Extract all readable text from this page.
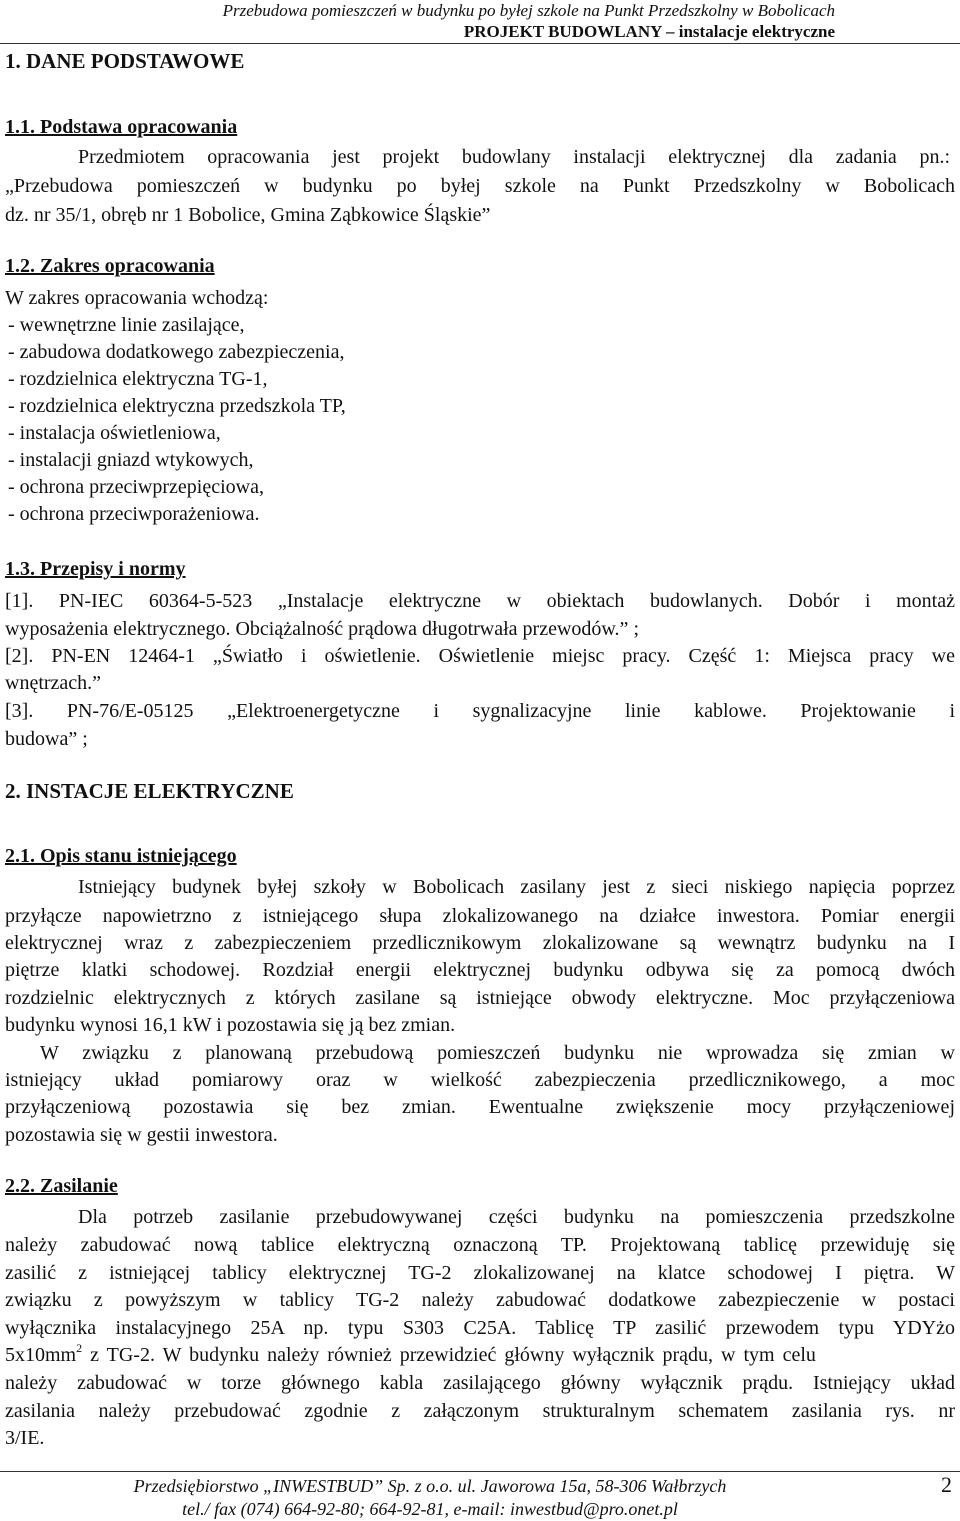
Przebudowa pomieszczeń w budynku po byłej szkole na Punkt Przedszkolny w Bobolicach
PROJEKT BUDOWLANY – instalacje elektryczne
1. DANE PODSTAWOWE
1.1. Podstawa opracowania
Przedmiotem opracowania jest projekt budowlany instalacji elektrycznej dla zadania pn.:
„Przebudowa pomieszczeń w budynku po byłej szkole na Punkt Przedszkolny w Bobolicach
dz. nr 35/1, obręb nr 1 Bobolice, Gmina Ząbkowice Śląskie”
1.2. Zakres opracowania
W zakres opracowania wchodzą:
- wewnętrzne linie zasilające,
- zabudowa dodatkowego zabezpieczenia,
- rozdzielnica elektryczna TG-1,
- rozdzielnica elektryczna przedszkola TP,
- instalacja oświetleniowa,
- instalacji gniazd wtykowych,
- ochrona przeciwprzepięciowa,
- ochrona przeciwporażeniowa.
1.3. Przepisy i normy
[1]. PN-IEC 60364-5-523 „Instalacje elektryczne w obiektach budowlanych. Dobór i montaż
wyposażenia elektrycznego. Obciążalność prądowa długotrwała przewodów.” ;
[2]. PN-EN 12464-1 „Światło i oświetlenie. Oświetlenie miejsc pracy. Część 1: Miejsca pracy we
wnętrzach.”
[3]. PN-76/E-05125 „Elektroenergetyczne i sygnalizacyjne linie kablowe. Projektowanie i
budowa” ;
2. INSTACJE ELEKTRYCZNE
2.1. Opis stanu istniejącego
Istniejący budynek byłej szkoły w Bobolicach zasilany jest z sieci niskiego napięcia poprzez
przyłącze napowietrzno z istniejącego słupa zlokalizowanego na działce inwestora. Pomiar energii
elektrycznej wraz z zabezpieczeniem przedlicznikowym zlokalizowane są wewnątrz budynku na I
piętrze klatki schodowej. Rozdział energii elektrycznej budynku odbywa się za pomocą dwóch
rozdzielnic elektrycznych z których zasilane są istniejące obwody elektryczne. Moc przyłączeniowa
budynku wynosi 16,1 kW i pozostawia się ją bez zmian.
W związku z planowaną przebudową pomieszczeń budynku nie wprowadza się zmian w
istniejący układ pomiarowy oraz w wielkość zabezpieczenia przedlicznikowego, a moc
przyłączeniową pozostawia się bez zmian. Ewentualne zwiększenie mocy przyłączeniowej
pozostawia się w gestii inwestora.
2.2. Zasilanie
Dla potrzeb zasilanie przebudowywanej części budynku na pomieszczenia przedszkolne
należy zabudować nową tablice elektryczną oznaczoną TP. Projektowaną tablicę przewiduję się
zasilić z istniejącej tablicy elektrycznej TG-2 zlokalizowanej na klatce schodowej I piętra. W
związku z powyższym w tablicy TG-2 należy zabudować dodatkowe zabezpieczenie w postaci
wyłącznika instalacyjnego 25A np. typu S303 C25A. Tablicę TP zasilić przewodem typu YDYżo
$5x10mm^2$ z TG-2. W budynku należy również przewidzieć główny wyłącznik prądu, w tym celu
należy zabudować w torze głównego kabla zasilającego główny wyłącznik prądu. Istniejący układ
zasilania należy przebudować zgodnie z załączonym strukturalnym schematem zasilania rys. nr
3/IE.
Przedsiębiorstwo „INWESTBUD” Sp. z o.o. ul. Jaworowa 15a, 58-306 Wałbrzych
tel./ fax (074) 664-92-80; 664-92-81, e-mail: inwestbud@pro.onet.pl
2
